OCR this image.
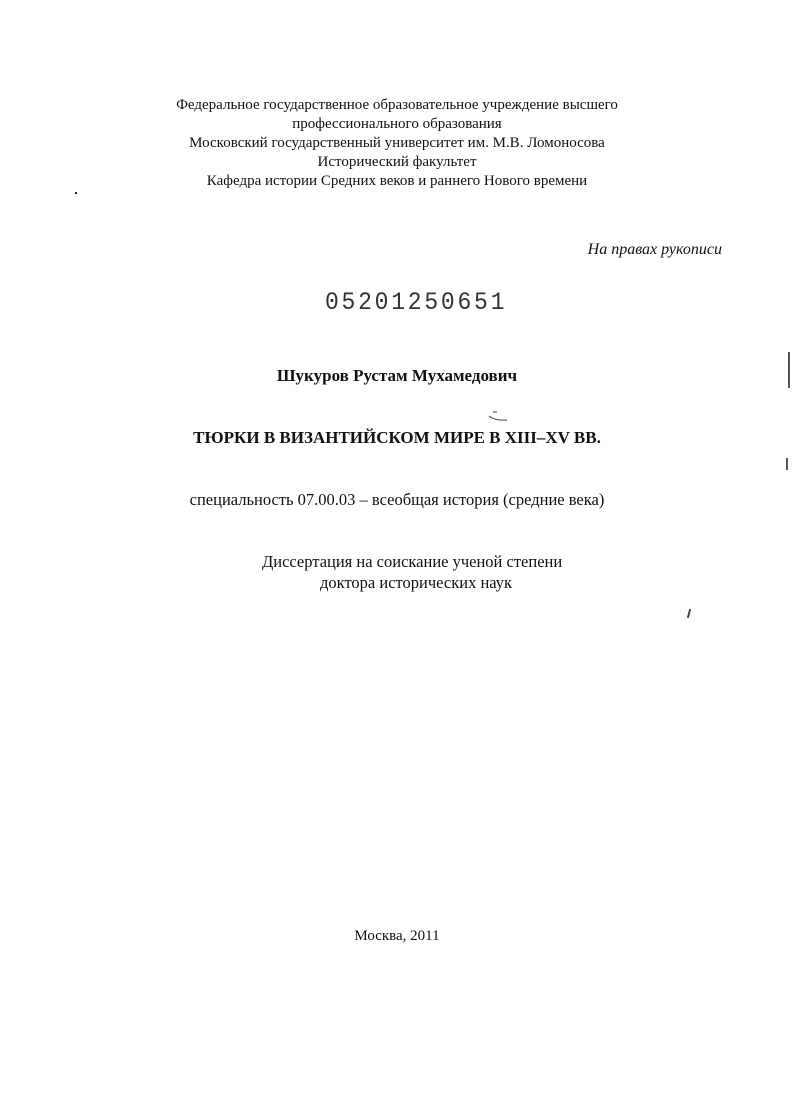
Федеральное государственное образовательное учреждение высшего
профессионального образования
Московский государственный университет им. М.В. Ломоносова
Исторический факультет
Кафедра истории Средних веков и раннего Нового времени
На правах рукописи
05201250651
Шукуров Рустам Мухамедович
ТЮРКИ В ВИЗАНТИЙСКОМ МИРЕ В XIII–XV ВВ.
специальность 07.00.03 – всеобщая история (средние века)
Диссертация на соискание ученой степени
доктора исторических наук
Москва, 2011
